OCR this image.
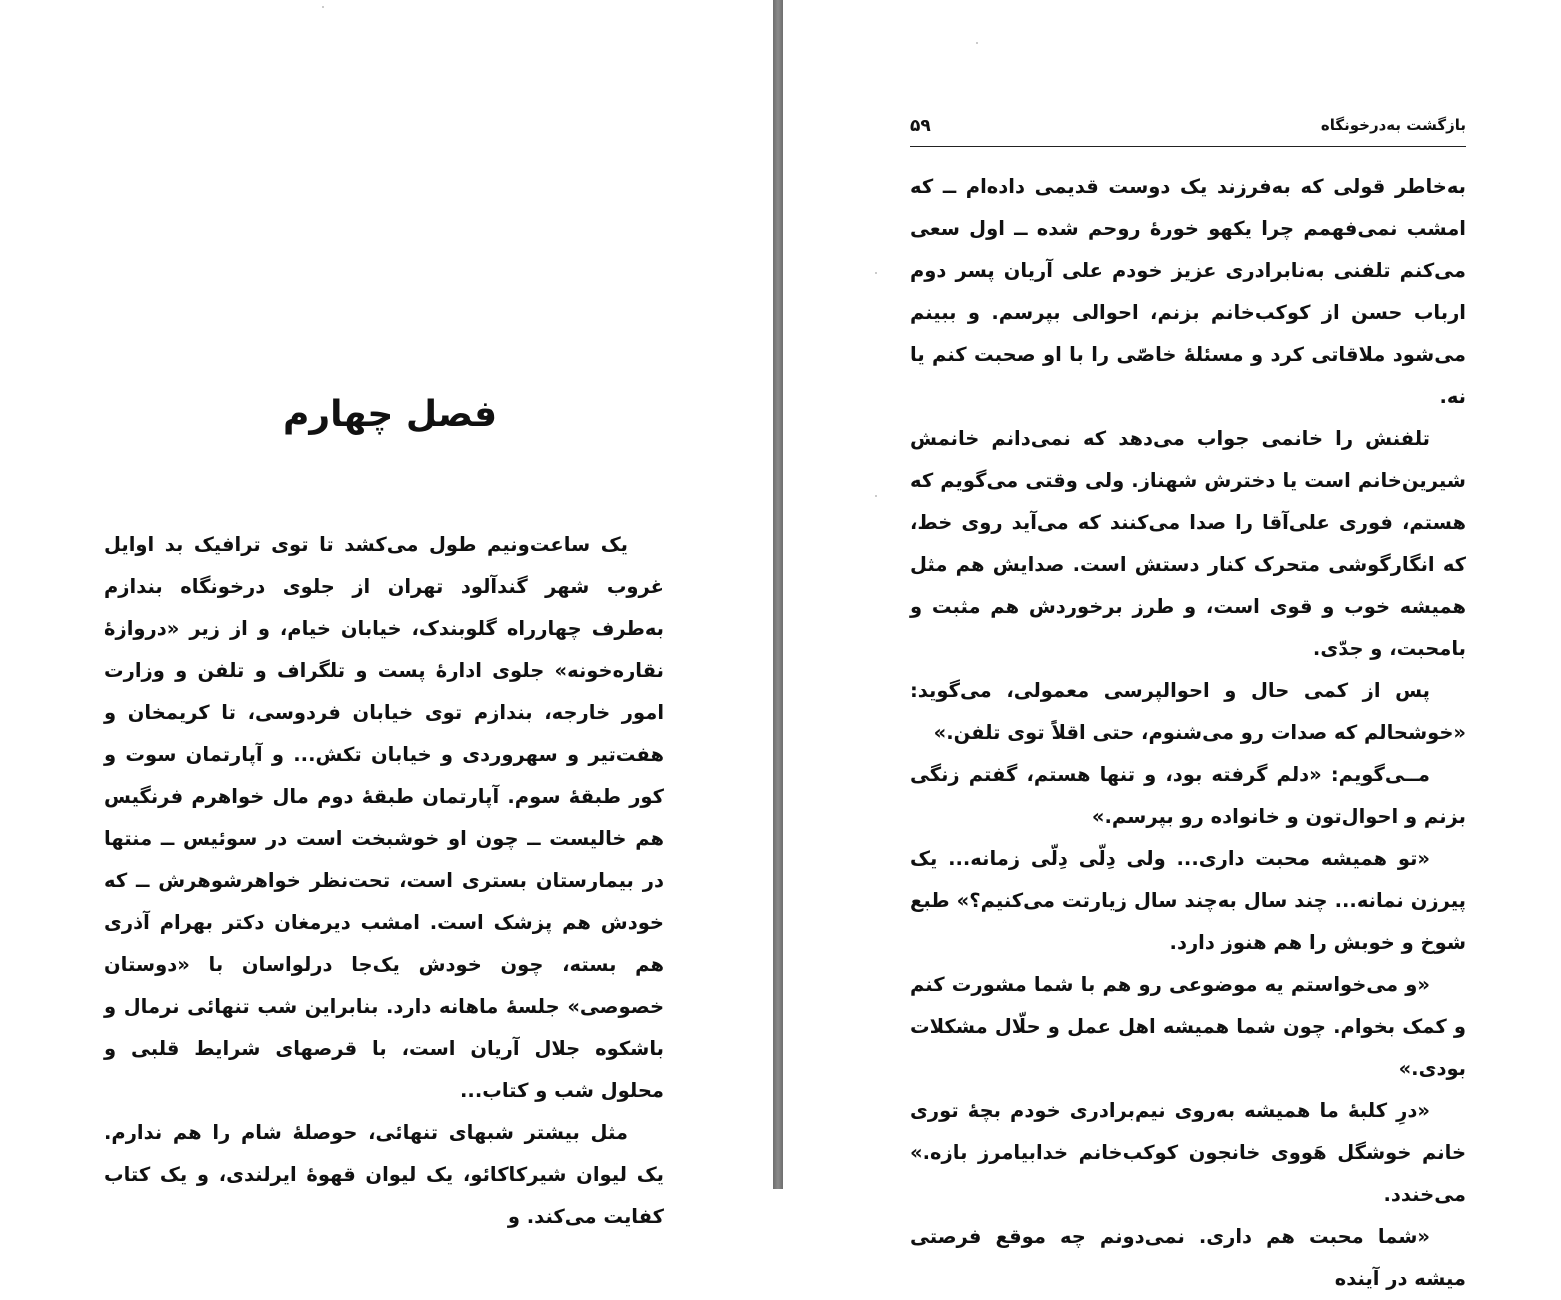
فصل چهارم

یک ساعت‌ونیم طول می‌کشد تا توی ترافیک بد اوایل غروب شهر گندآلود تهران از جلوی درخونگاه بندازم به‌طرف چهارراه گلوبندک، خیابان خیام، و از زیر «دروازهٔ نقاره‌خونه» جلوی ادارهٔ پست و تلگراف و تلفن و وزارت امور خارجه، بندازم توی خیابان فردوسی، تا کریمخان و هفت‌تیر و سهروردی و خیابان تکش... و آپارتمان سوت و کور طبقهٔ سوم. آپارتمان طبقهٔ دوم مال خواهرم فرنگیس هم خالیست ــ چون او خوشبخت است در سوئیس ــ منتها در بیمارستان بستری است، تحت‌نظر خواهرشوهرش ــ که خودش هم پزشک است. امشب دیرمغان دکتر بهرام آذری هم بسته، چون خودش یک‌جا درلواسان با «دوستان خصوصی» جلسهٔ ماهانه دارد. بنابراین شب تنهائی نرمال و باشکوه جلال آریان است، با قرصهای شرایط قلبی و محلول شب و کتاب...

مثل بیشتر شبهای تنهائی، حوصلهٔ شام را هم ندارم. یک لیوان شیرکاکائو، یک لیوان قهوهٔ ایرلندی، و یک کتاب کفایت می‌کند. و

بازگشت به‌درخونگاه
۵۹

به‌خاطر قولی که به‌فرزند یک دوست قدیمی داده‌ام ــ که امشب نمی‌فهمم چرا یکهو خورهٔ روحم شده ــ اول سعی می‌کنم تلفنی به‌نابرادری عزیز خودم علی آریان پسر دوم ارباب حسن از کوکب‌خانم بزنم، احوالی بپرسم. و ببینم می‌شود ملاقاتی کرد و مسئلهٔ خاصّی را با او صحبت کنم یا نه.

تلفنش را خانمی جواب می‌دهد که نمی‌دانم خانمش شیرین‌خانم است یا دخترش شهناز. ولی وقتی می‌گویم که هستم، فوری علی‌آقا را صدا می‌کنند که می‌آید روی خط، که انگارگوشی متحرک کنار دستش است. صدایش هم مثل همیشه خوب و قوی است، و طرز برخوردش هم مثبت و بامحبت، و جدّی.

پس از کمی حال و احوالپرسی معمولی، می‌گوید: «خوشحالم که صدات رو می‌شنوم، حتی اقلاً توی تلفن.»

مــی‌گویم: «دلم گرفته بود، و تنها هستم، گفتم زنگی بزنم و احوال‌تون و خانواده رو بپرسم.»

«تو همیشه محبت داری... ولی دِلّی دِلّی زمانه... یک پیرزن نمانه... چند سال به‌چند سال زیارتت می‌کنیم؟» طبع شوخ و خوبش را هم هنوز دارد.

«و می‌خواستم یه موضوعی رو هم با شما مشورت کنم و کمک بخوام. چون شما همیشه اهل عمل و حلّال مشکلات بودی.»

«درِ کلبهٔ ما همیشه به‌روی نیم‌برادری خودم بچهٔ توری خانم خوشگل هَووی خانجون کوکب‌خانم خدابیامرز بازه.» می‌خندد.

«شما محبت هم داری. نمی‌دونم چه موقع فرصتی میشه در آینده
